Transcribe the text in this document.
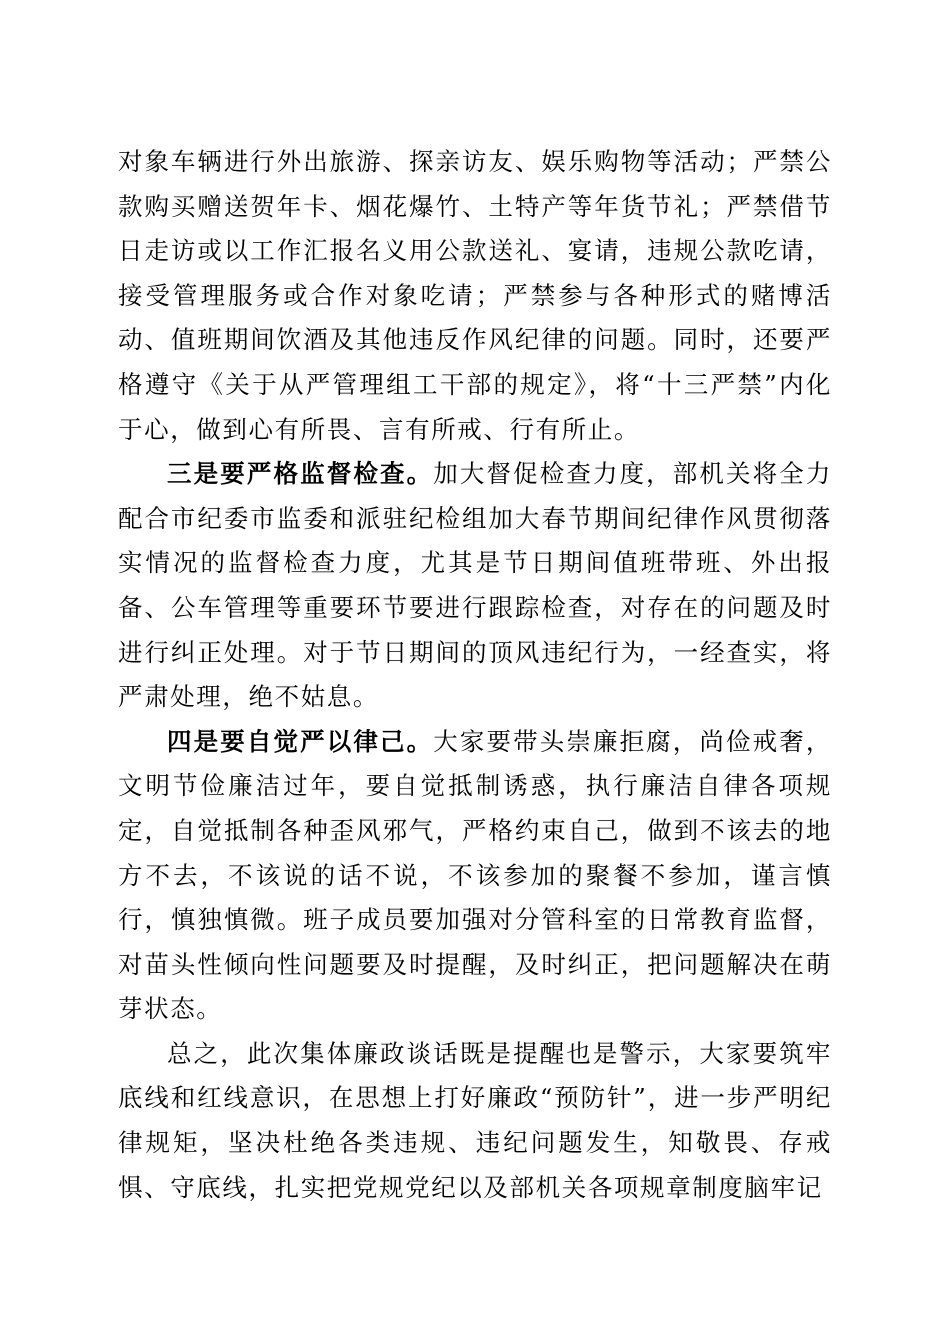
对象车辆进行外出旅游、探亲访友、娱乐购物等活动；严禁公款购买赠送贺年卡、烟花爆竹、土特产等年货节礼；严禁借节日走访或以工作汇报名义用公款送礼、宴请，违规公款吃请，接受管理服务或合作对象吃请；严禁参与各种形式的赌博活动、值班期间饮酒及其他违反作风纪律的问题。同时，还要严格遵守《关于从严管理组工干部的规定》，将“十三严禁”内化于心，做到心有所畏、言有所戒、行有所止。

三是要严格监督检查。加大督促检查力度，部机关将全力配合市纪委市监委和派驻纪检组加大春节期间纪律作风贯彻落实情况的监督检查力度，尤其是节日期间值班带班、外出报备、公车管理等重要环节要进行跟踪检查，对存在的问题及时进行纠正处理。对于节日期间的顶风违纪行为，一经查实，将严肃处理，绝不姑息。

四是要自觉严以律己。大家要带头崇廉拒腐，尚俭戒奢，文明节俭廉洁过年，要自觉抵制诱惑，执行廉洁自律各项规定，自觉抵制各种歪风邪气，严格约束自己，做到不该去的地方不去，不该说的话不说，不该参加的聚餐不参加，谨言慎行，慎独慎微。班子成员要加强对分管科室的日常教育监督，对苗头性倾向性问题要及时提醒，及时纠正，把问题解决在萌芽状态。

总之，此次集体廉政谈话既是提醒也是警示，大家要筑牢底线和红线意识，在思想上打好廉政“预防针”，进一步严明纪律规矩，坚决杜绝各类违规、违纪问题发生，知敬畏、存戒惧、守底线，扎实把党规党纪以及部机关各项规章制度脑牢记
